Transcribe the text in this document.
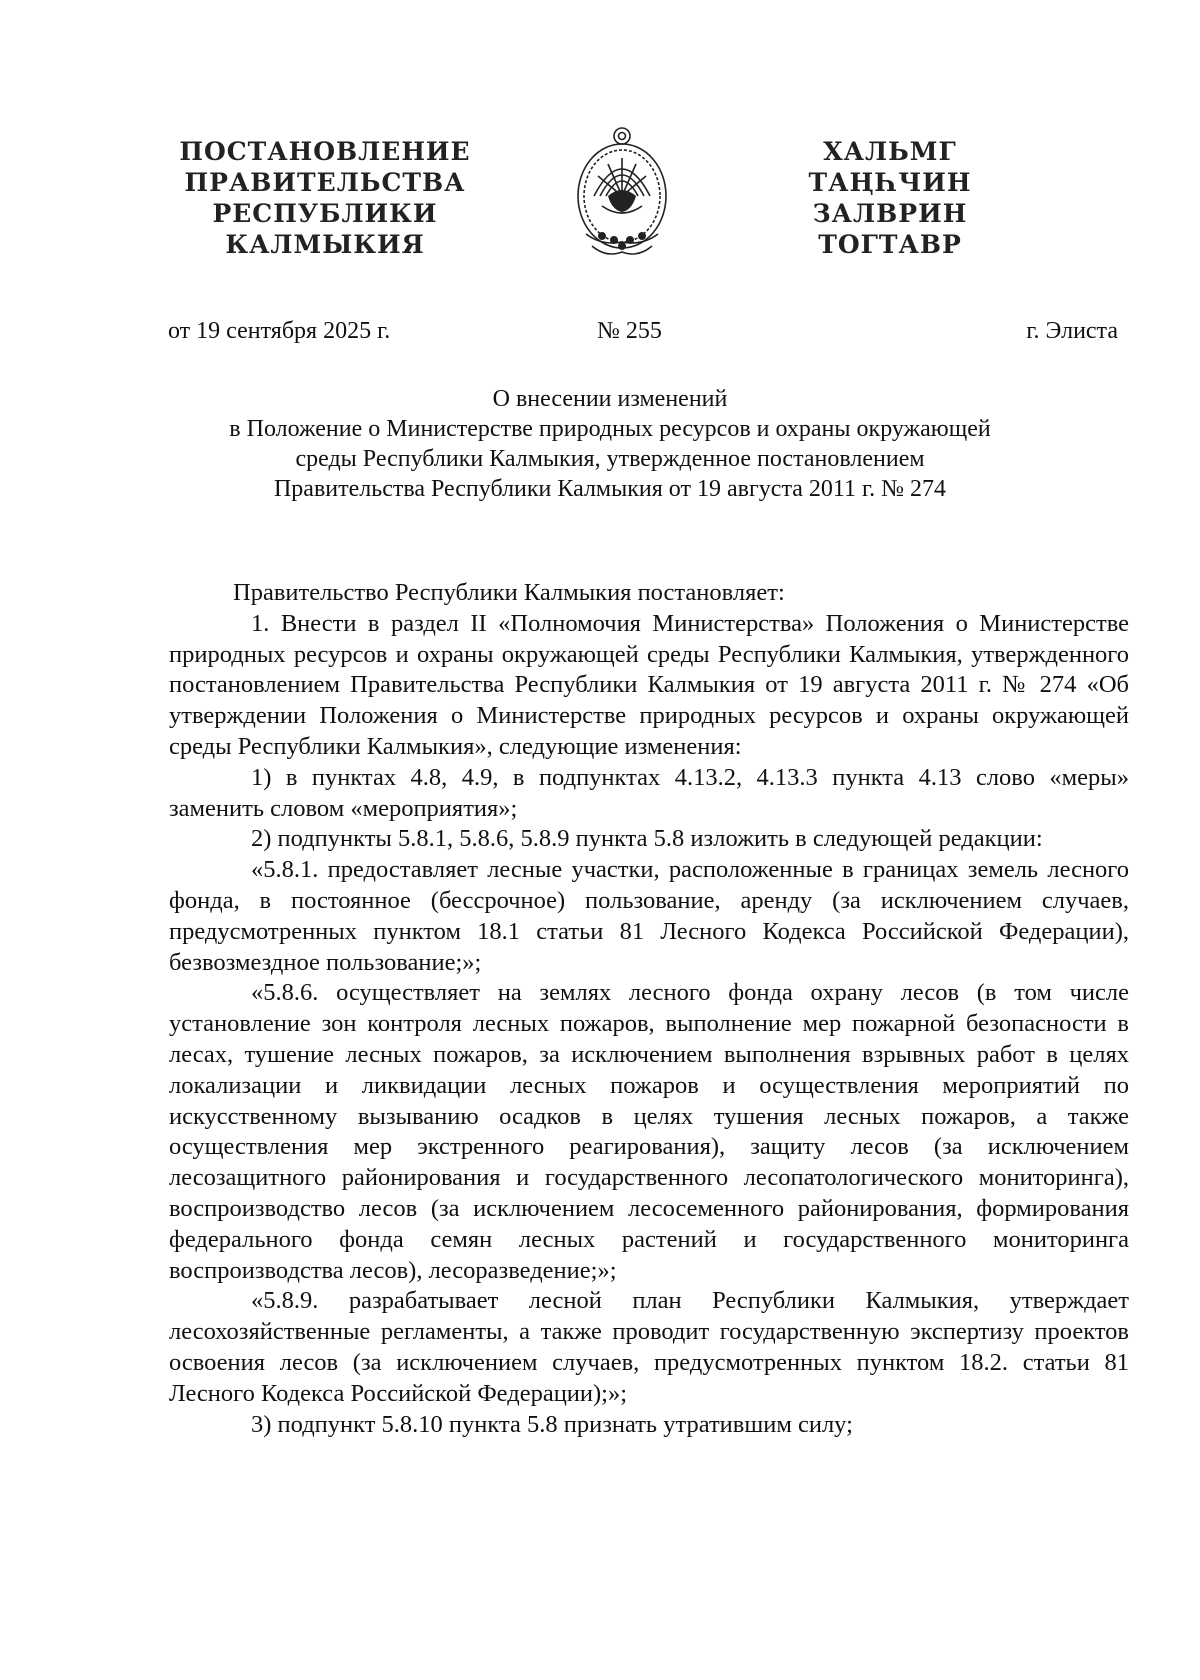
ПОСТАНОВЛЕНИЕ
ПРАВИТЕЛЬСТВА
РЕСПУБЛИКИ
КАЛМЫКИЯ
ХАЛЬМГ
ТАҢҺЧИН
ЗАЛВРИН
ТОГТАВР
от 19 сентября 2025 г.	№ 255	г. Элиста
О внесении изменений
в Положение о Министерстве природных ресурсов и охраны окружающей
среды Республики Калмыкия, утвержденное постановлением
Правительства Республики Калмыкия от 19 августа 2011 г. № 274

Правительство Республики Калмыкия постановляет:

1. Внести в раздел II «Полномочия Министерства» Положения о Министерстве природных ресурсов и охраны окружающей среды Республики Калмыкия, утвержденного постановлением Правительства Республики Калмыкия от 19 августа 2011 г. № 274 «Об утверждении Положения о Министерстве природных ресурсов и охраны окружающей среды Республики Калмыкия», следующие изменения:

1) в пунктах 4.8, 4.9, в подпунктах 4.13.2, 4.13.3 пункта 4.13 слово «меры» заменить словом «мероприятия»;

2) подпункты 5.8.1, 5.8.6, 5.8.9 пункта 5.8 изложить в следующей редакции:

«5.8.1. предоставляет лесные участки, расположенные в границах земель лесного фонда, в постоянное (бессрочное) пользование, аренду (за исключением случаев, предусмотренных пунктом 18.1 статьи 81 Лесного Кодекса Российской Федерации), безвозмездное пользование;»;

«5.8.6. осуществляет на землях лесного фонда охрану лесов (в том числе установление зон контроля лесных пожаров, выполнение мер пожарной безопасности в лесах, тушение лесных пожаров, за исключением выполнения взрывных работ в целях локализации и ликвидации лесных пожаров и осуществления мероприятий по искусственному вызыванию осадков в целях тушения лесных пожаров, а также осуществления мер экстренного реагирования), защиту лесов (за исключением лесозащитного районирования и государственного лесопатологического мониторинга), воспроизводство лесов (за исключением лесосеменного районирования, формирования федерального фонда семян лесных растений и государственного мониторинга воспроизводства лесов), лесоразведение;»;

«5.8.9. разрабатывает лесной план Республики Калмыкия, утверждает лесохозяйственные регламенты, а также проводит государственную экспертизу проектов освоения лесов (за исключением случаев, предусмотренных пунктом 18.2. статьи 81 Лесного Кодекса Российской Федерации);»;

3) подпункт 5.8.10 пункта 5.8 признать утратившим силу;
